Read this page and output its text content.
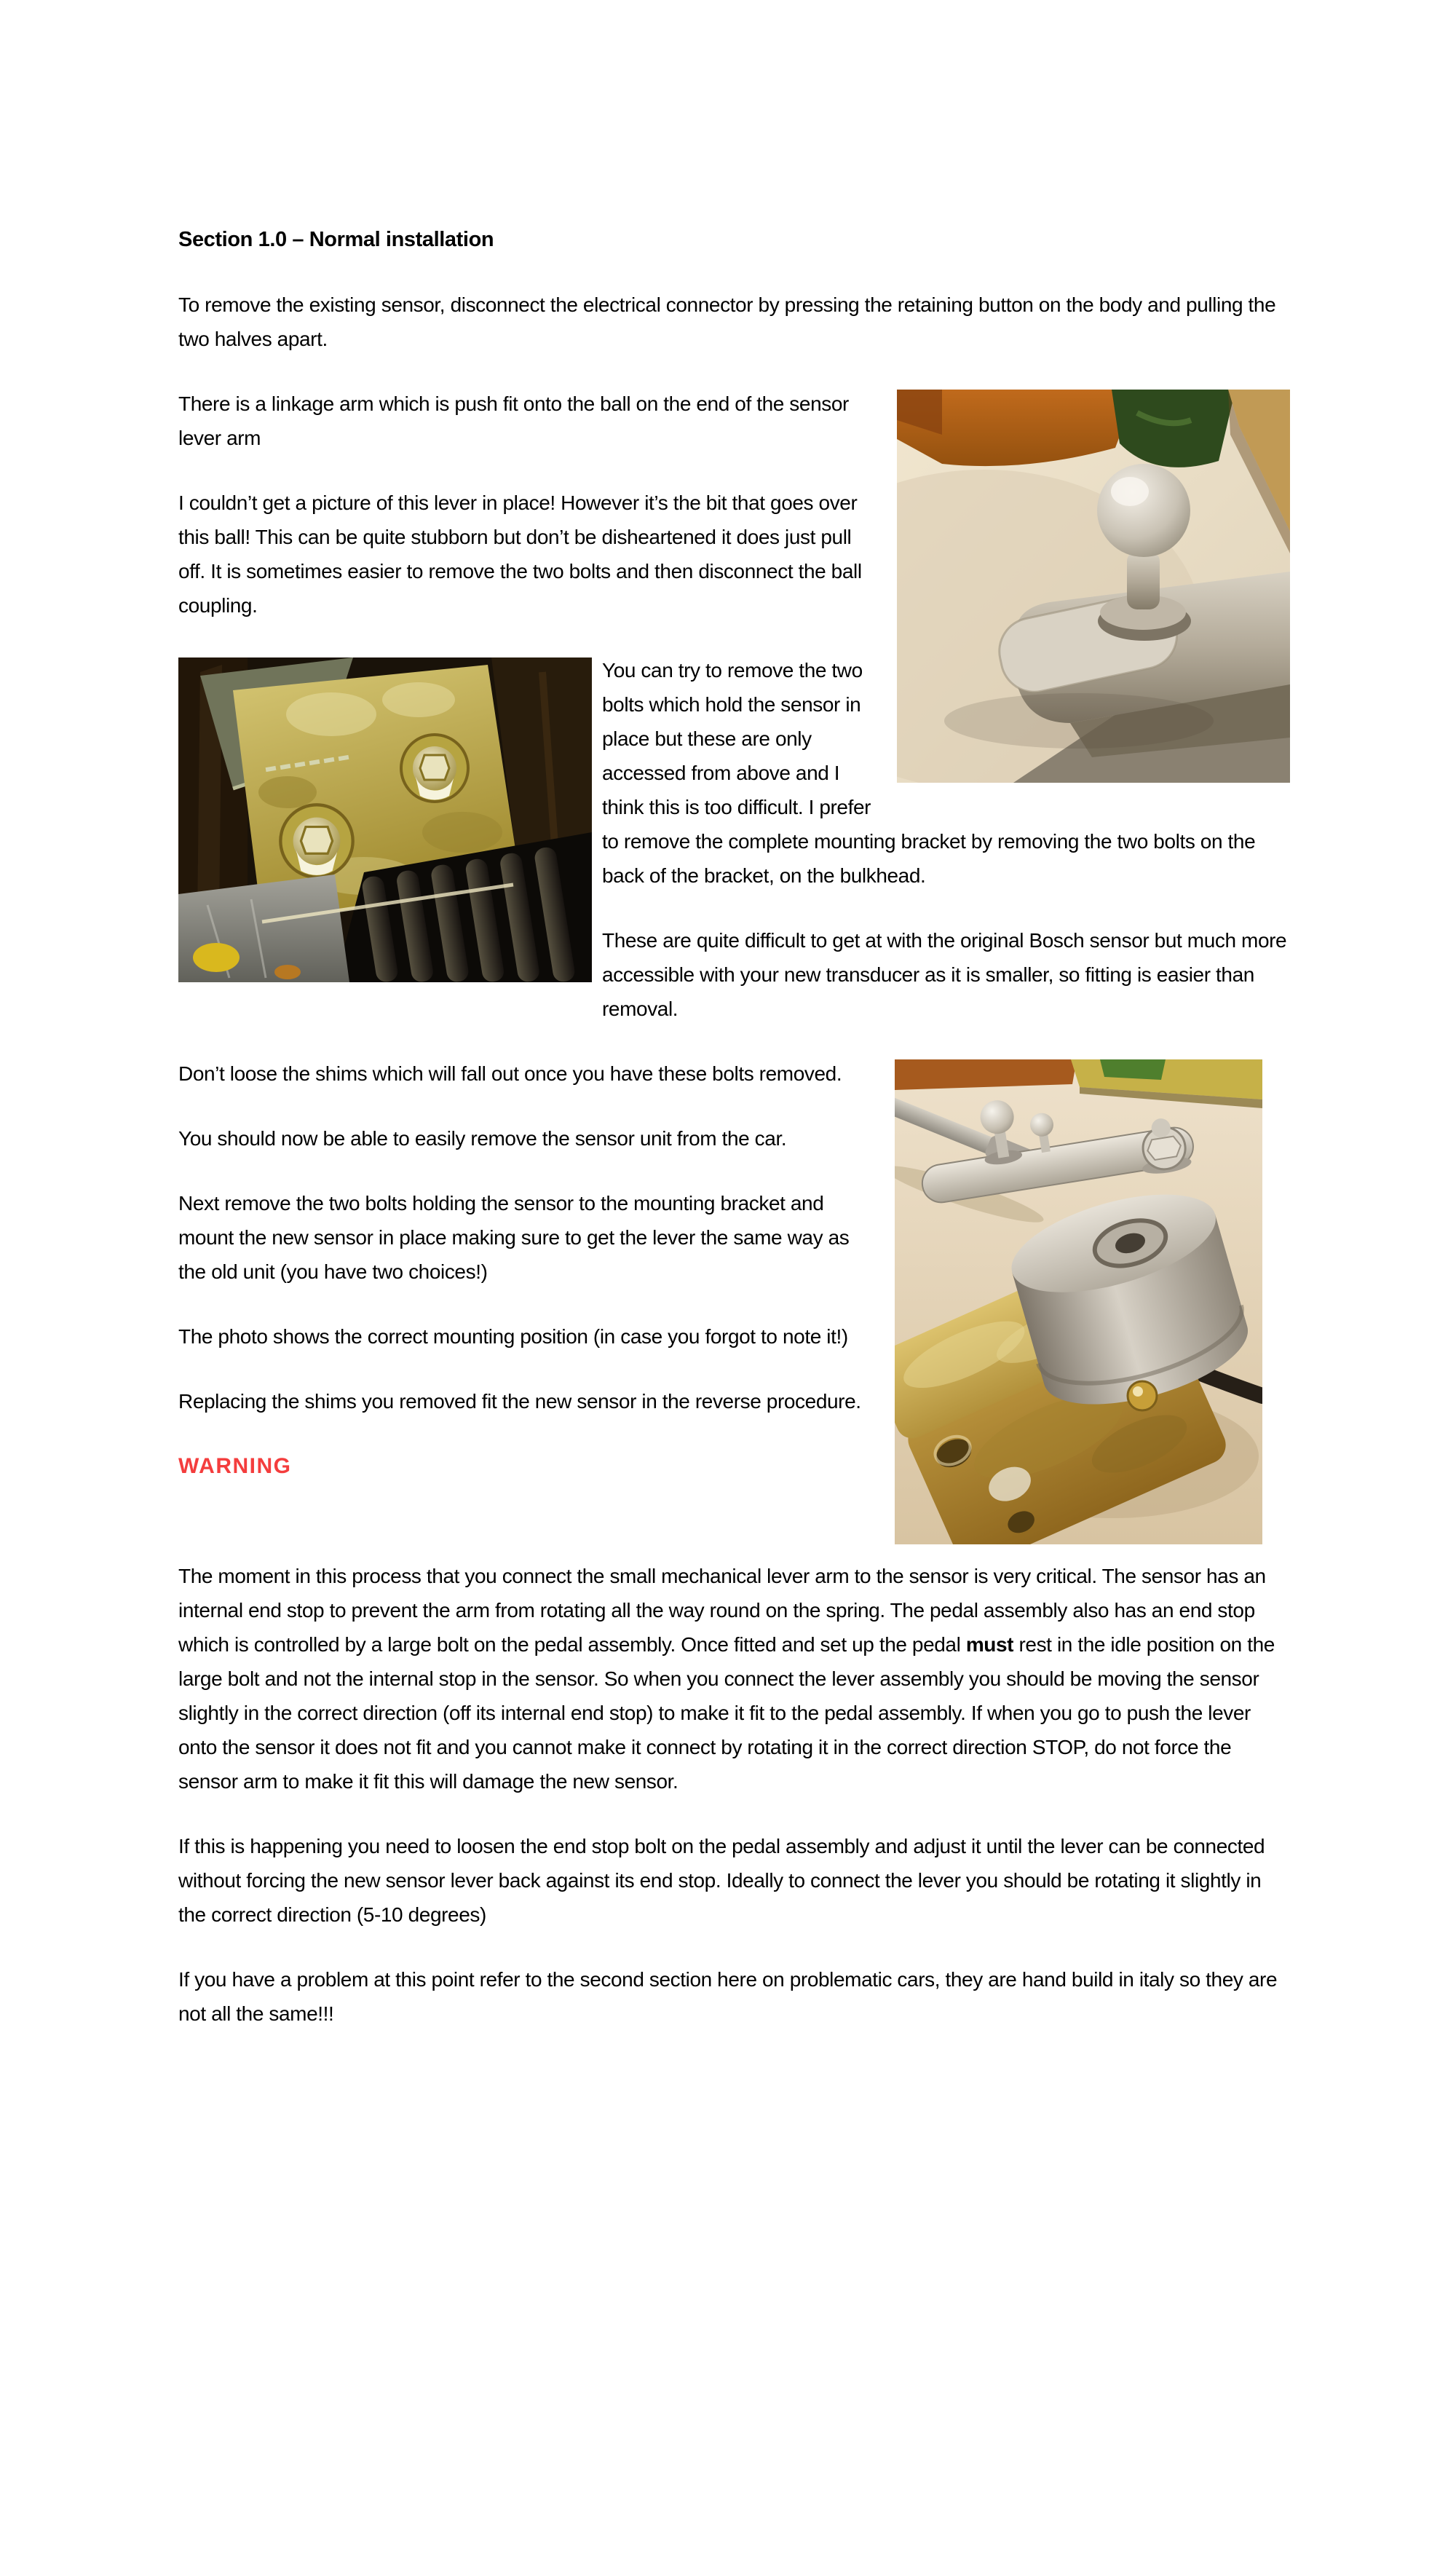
Section 1.0 – Normal installation

To remove the existing sensor, disconnect the electrical connector by pressing the retaining button on the body and pulling the two halves apart.

There is a linkage arm which is push fit onto the ball on the end of the sensor lever arm

I couldn’t get a picture of this lever in place! However it’s the bit that goes over this ball! This can be quite stubborn but don’t be disheartened it does just pull off. It is sometimes easier to remove the two bolts and then disconnect the ball coupling.

You can try to remove the two bolts which hold the sensor in place but these are only accessed from above and I think this is too difficult. I prefer to remove the complete mounting bracket by removing the two bolts on the back of the bracket, on the bulkhead.

These are quite difficult to get at with the original Bosch sensor but much more accessible with your new transducer as it is smaller, so fitting is easier than removal.

Don’t loose the shims which will fall out once you have these bolts removed.

You should now be able to easily remove the sensor unit from the car.

Next remove the two bolts holding the sensor to the mounting bracket and mount the new sensor in place making sure to get the lever the same way as the old unit (you have two choices!)

The photo shows the correct mounting position (in case you forgot to note it!)

Replacing the shims you removed fit the new sensor in the reverse procedure.

WARNING

The moment in this process that you connect the small mechanical lever arm to the sensor is very critical. The sensor has an internal end stop to prevent the arm from rotating all the way round on the spring. The pedal assembly also has an end stop which is controlled by a large bolt on the pedal assembly. Once fitted and set up the pedal must rest in the idle position on the large bolt and not the internal stop in the sensor. So when you connect the lever assembly you should be moving the sensor slightly in the correct direction (off its internal end stop) to make it fit to the pedal assembly. If when you go to push the lever onto the sensor it does not fit and you cannot make it connect by rotating it in the correct direction STOP, do not force the sensor arm to make it fit this will damage the new sensor.

If this is happening you need to loosen the end stop bolt on the pedal assembly and adjust it until the lever can be connected without forcing the new sensor lever back against its end stop. Ideally to connect the lever you should be rotating it slightly in the correct direction (5-10 degrees)

If you have a problem at this point refer to the second section here on problematic cars, they are hand build in italy so they are not all the same!!!
